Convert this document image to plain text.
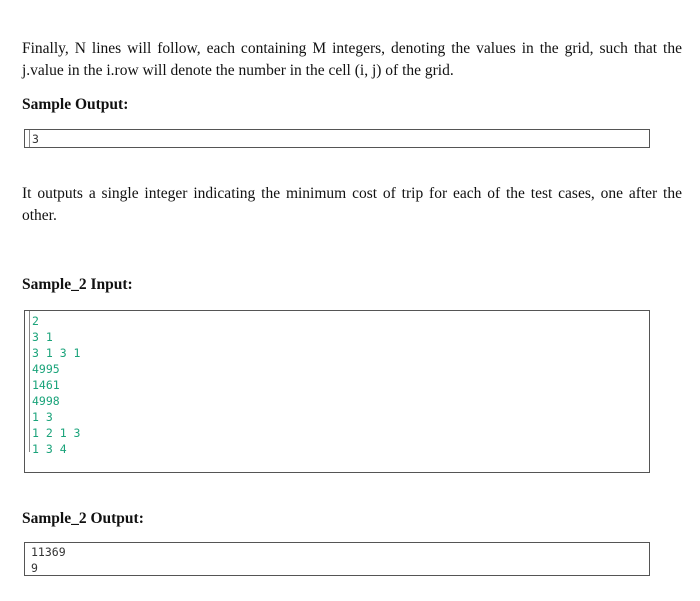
Finally, N lines will follow, each containing M integers, denoting the values in the grid, such that the j.value in the i.row will denote the number in the cell (i, j) of the grid.
Sample Output:
3
It outputs a single integer indicating the minimum cost of trip for each of the test cases, one after the other.
Sample_2 Input:
2
3 1
3 1 3 1
4995
1461
4998
1 3
1 2 1 3
1 3 4
Sample_2 Output:
11369
9
